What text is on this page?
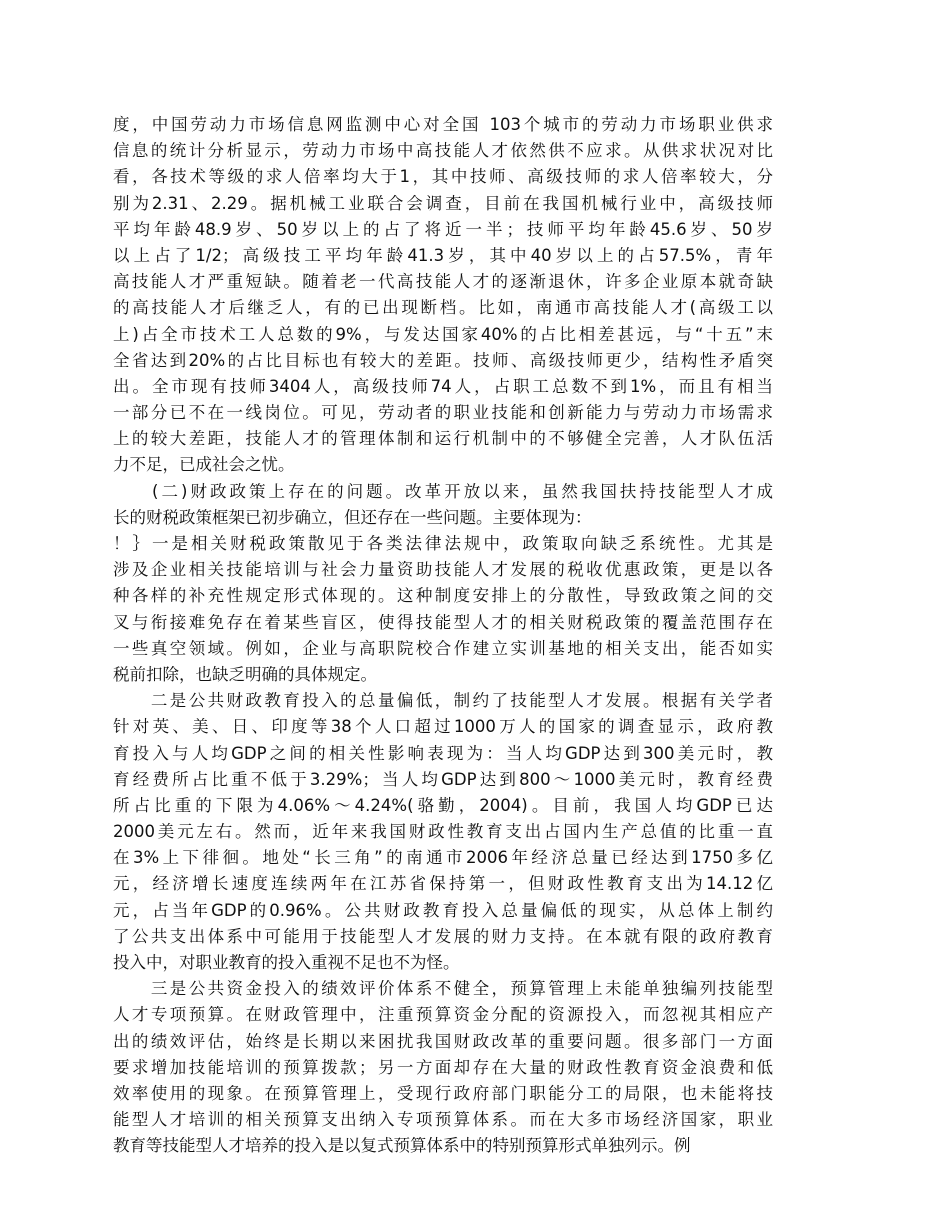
度，中国劳动力市场信息网监测中心对全国 103个城市的劳动力市场职业供求
信息的统计分析显示，劳动力市场中高技能人才依然供不应求。从供求状况对比
看，各技术等级的求人倍率均大于1，其中技师、高级技师的求人倍率较大，分
别为2.31、2.29。据机械工业联合会调查，目前在我国机械行业中，高级技师
平均年龄48.9岁、50岁以上的占了将近一半；技师平均年龄45.6岁、50岁
以上占了1/2；高级技工平均年龄41.3岁，其中40岁以上的占57.5%，青年
高技能人才严重短缺。随着老一代高技能人才的逐渐退休，许多企业原本就奇缺
的高技能人才后继乏人，有的已出现断档。比如，南通市高技能人才(高级工以
上)占全市技术工人总数的9%，与发达国家40%的占比相差甚远，与“十五”末
全省达到20%的占比目标也有较大的差距。技师、高级技师更少，结构性矛盾突
出。全市现有技师3404人，高级技师74人，占职工总数不到1%，而且有相当
一部分已不在一线岗位。可见，劳动者的职业技能和创新能力与劳动力市场需求
上的较大差距，技能人才的管理体制和运行机制中的不够健全完善，人才队伍活
力不足，已成社会之忧。
　　(二)财政政策上存在的问题。改革开放以来，虽然我国扶持技能型人才成
长的财税政策框架已初步确立，但还存在一些问题。主要体现为：
！｝一是相关财税政策散见于各类法律法规中，政策取向缺乏系统性。尤其是
涉及企业相关技能培训与社会力量资助技能人才发展的税收优惠政策，更是以各
种各样的补充性规定形式体现的。这种制度安排上的分散性，导致政策之间的交
叉与衔接难免存在着某些盲区，使得技能型人才的相关财税政策的覆盖范围存在
一些真空领域。例如，企业与高职院校合作建立实训基地的相关支出，能否如实
税前扣除，也缺乏明确的具体规定。
　　二是公共财政教育投入的总量偏低，制约了技能型人才发展。根据有关学者
针对英、美、日、印度等38个人口超过1000万人的国家的调查显示，政府教
育投入与人均GDP之间的相关性影响表现为：当人均GDP达到300美元时，教
育经费所占比重不低于3.29%；当人均GDP达到800～1000美元时，教育经费
所占比重的下限为4.06%～4.24%(骆勤，2004)。目前，我国人均GDP已达
2000美元左右。然而，近年来我国财政性教育支出占国内生产总值的比重一直
在3%上下徘徊。地处“长三角”的南通市2006年经济总量已经达到1750多亿
元，经济增长速度连续两年在江苏省保持第一，但财政性教育支出为14.12亿
元，占当年GDP的0.96%。公共财政教育投入总量偏低的现实，从总体上制约
了公共支出体系中可能用于技能型人才发展的财力支持。在本就有限的政府教育
投入中，对职业教育的投入重视不足也不为怪。
　　三是公共资金投入的绩效评价体系不健全，预算管理上未能单独编列技能型
人才专项预算。在财政管理中，注重预算资金分配的资源投入，而忽视其相应产
出的绩效评估，始终是长期以来困扰我国财政改革的重要问题。很多部门一方面
要求增加技能培训的预算拨款；另一方面却存在大量的财政性教育资金浪费和低
效率使用的现象。在预算管理上，受现行政府部门职能分工的局限，也未能将技
能型人才培训的相关预算支出纳入专项预算体系。而在大多市场经济国家，职业
教育等技能型人才培养的投入是以复式预算体系中的特别预算形式单独列示。例
